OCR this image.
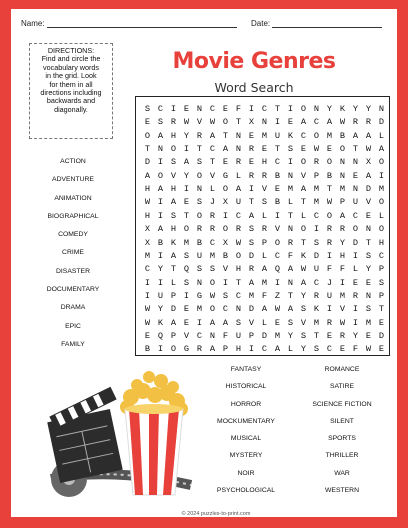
Name:	Date:
DIRECTIONS:
Find and circle the
vocabulary words
in the grid. Look
for them in all
directions including
backwards and
diagonally.
Movie Genres
Word Search
S C I E N C E F I C T I O N Y K Y Y N
E S R W V W O T X N I E A C A W R R D
O A H Y R A T N E M U K C O M B A A L
T N O I T C A N R E T S E W E O T W A
D I S A S T E R E H C I O R O N N X O
A O V Y O V G L R R B N V P B N E A I
H A H I N L O A I V E M A M T M N D M
W I A E S J X U T S B L T M W P U V O
H I S T O R I C A L I T L C O A C E L
X A H O R R O R S R V N O I R R O N O
X B K M B C X W S P O R T S R Y D T H
M I A S U M B O D L C F K D I H I S C
C Y T Q S S V H R A Q A W U F F L Y P
I I L S N O I T A M I N A C J I E E S
I U P I G W S C M F Z T Y R U M R N P
W Y D E M O C N D A W A S K I V I S T
W K A E I A A S V L E S V M R W I M E
E Q P V C N F U P D M Y S T E R Y E D
B I O G R A P H I C A L Y S C E F W E
ACTION
ADVENTURE
ANIMATION
BIOGRAPHICAL
COMEDY
CRIME
DISASTER
DOCUMENTARY
DRAMA
EPIC
FAMILY
FANTASY
HISTORICAL
HORROR
MOCKUMENTARY
MUSICAL
MYSTERY
NOIR
PSYCHOLOGICAL
ROMANCE
SATIRE
SCIENCE FICTION
SILENT
SPORTS
THRILLER
WAR
WESTERN
© 2024 puzzles-to-print.com
